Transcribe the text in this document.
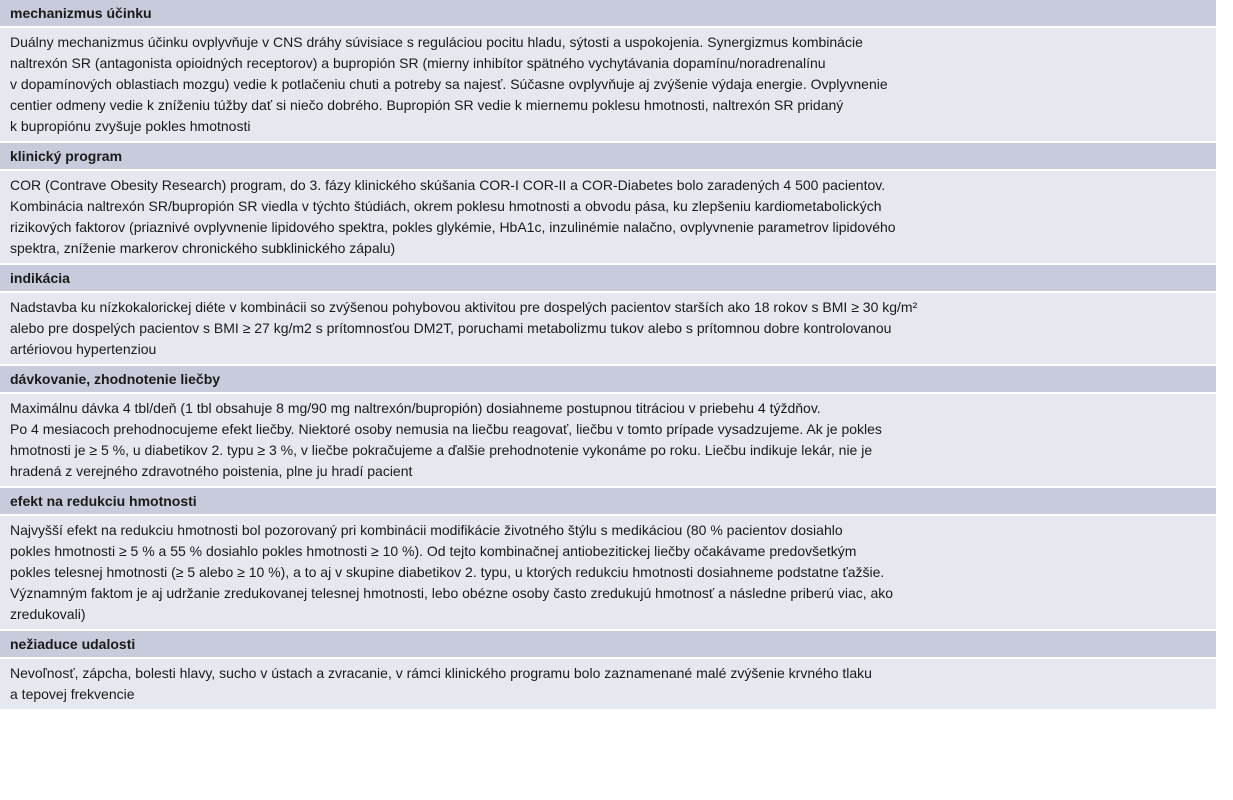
mechanizmus účinku
Duálny mechanizmus účinku ovplyvňuje v CNS dráhy súvisiace s reguláciou pocitu hladu, sýtosti a uspokojenia. Synergizmus kombinácie
naltrexón SR (antagonista opioidných receptorov) a bupropión SR (mierny inhibítor spätného vychytávania dopamínu/noradrenalínu
v dopamínových oblastiach mozgu) vedie k potlačeniu chuti a potreby sa najesť. Súčasne ovplyvňuje aj zvýšenie výdaja energie. Ovplyvnenie
centier odmeny vedie k zníženiu túžby dať si niečo dobrého. Bupropión SR vedie k miernemu poklesu hmotnosti, naltrexón SR pridaný
k bupropiónu zvyšuje pokles hmotnosti
klinický program
COR (Contrave Obesity Research) program, do 3. fázy klinického skúšania COR-I COR-II a COR-Diabetes bolo zaradených 4 500 pacientov.
Kombinácia naltrexón SR/bupropión SR viedla v týchto štúdiách, okrem poklesu hmotnosti a obvodu pása, ku zlepšeniu kardiometabolických
rizikových faktorov (priaznivé ovplyvnenie lipidového spektra, pokles glykémie, HbA1c, inzulinémie nalačno, ovplyvnenie parametrov lipidového
spektra, zníženie markerov chronického subklinického zápalu)
indikácia
Nadstavba ku nízkokalorickej diéte v kombinácii so zvýšenou pohybovou aktivitou pre dospelých pacientov starších ako 18 rokov s BMI ≥ 30 kg/m²
alebo pre dospelých pacientov s BMI ≥ 27 kg/m2 s prítomnosťou DM2T, poruchami metabolizmu tukov alebo s prítomnou dobre kontrolovanou
artériovou hypertenziou
dávkovanie, zhodnotenie liečby
Maximálnu dávka 4 tbl/deň (1 tbl obsahuje 8 mg/90 mg naltrexón/bupropión) dosiahneme postupnou titráciou v priebehu 4 týždňov.
Po 4 mesiacoch prehodnocujeme efekt liečby. Niektoré osoby nemusia na liečbu reagovať, liečbu v tomto prípade vysadzujeme. Ak je pokles
hmotnosti je ≥ 5 %, u diabetikov 2. typu ≥ 3 %, v liečbe pokračujeme a ďalšie prehodnotenie vykonáme po roku. Liečbu indikuje lekár, nie je
hradená z verejného zdravotného poistenia, plne ju hradí pacient
efekt na redukciu hmotnosti
Najvyšší efekt na redukciu hmotnosti bol pozorovaný pri kombinácii modifikácie životného štýlu s medikáciou (80 % pacientov dosiahlo
pokles hmotnosti ≥ 5 % a 55 % dosiahlo pokles hmotnosti ≥ 10 %). Od tejto kombinačnej antiobezitickej liečby očakávame predovšetkým
pokles telesnej hmotnosti (≥ 5 alebo ≥ 10 %), a to aj v skupine diabetikov 2. typu, u ktorých redukciu hmotnosti dosiahneme podstatne ťažšie.
Významným faktom je aj udržanie zredukovanej telesnej hmotnosti, lebo obézne osoby často zredukujú hmotnosť a následne priberú viac, ako
zredukovali)
nežiaduce udalosti
Nevoľnosť, zápcha, bolesti hlavy, sucho v ústach a zvracanie, v rámci klinického programu bolo zaznamenané malé zvýšenie krvného tlaku
a tepovej frekvencie
